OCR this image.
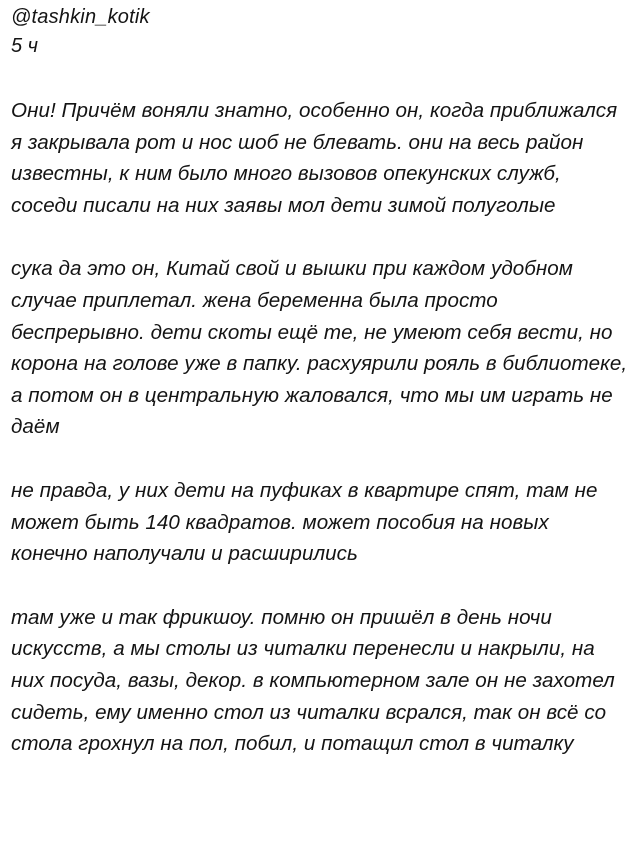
@tashkin_kotik
5 ч

Они! Причём воняли знатно, особенно он, когда приближался я закрывала рот и нос шоб не блевать. они на весь район известны, к ним было много вызовов опекунских служб, соседи писали на них заявы мол дети зимой полуголые

сука да это он, Китай свой и вышки при каждом удобном случае приплетал. жена беременна была просто беспрерывно. дети скоты ещё те, не умеют себя вести, но корона на голове уже в папку. расхуярили рояль в библиотеке, а потом он в центральную жаловался, что мы им играть не даём

не правда, у них дети на пуфиках в квартире спят, там не может быть 140 квадратов. может пособия на новых конечно наполучали и расширились

там уже и так фрикшоу. помню он пришёл в день ночи искусств, а мы столы из читалки перенесли и накрыли, на них посуда, вазы, декор. в компьютерном зале он не захотел сидеть, ему именно стол из читалки всрался, так он всё со стола грохнул на пол, побил, и потащил стол в читалку
